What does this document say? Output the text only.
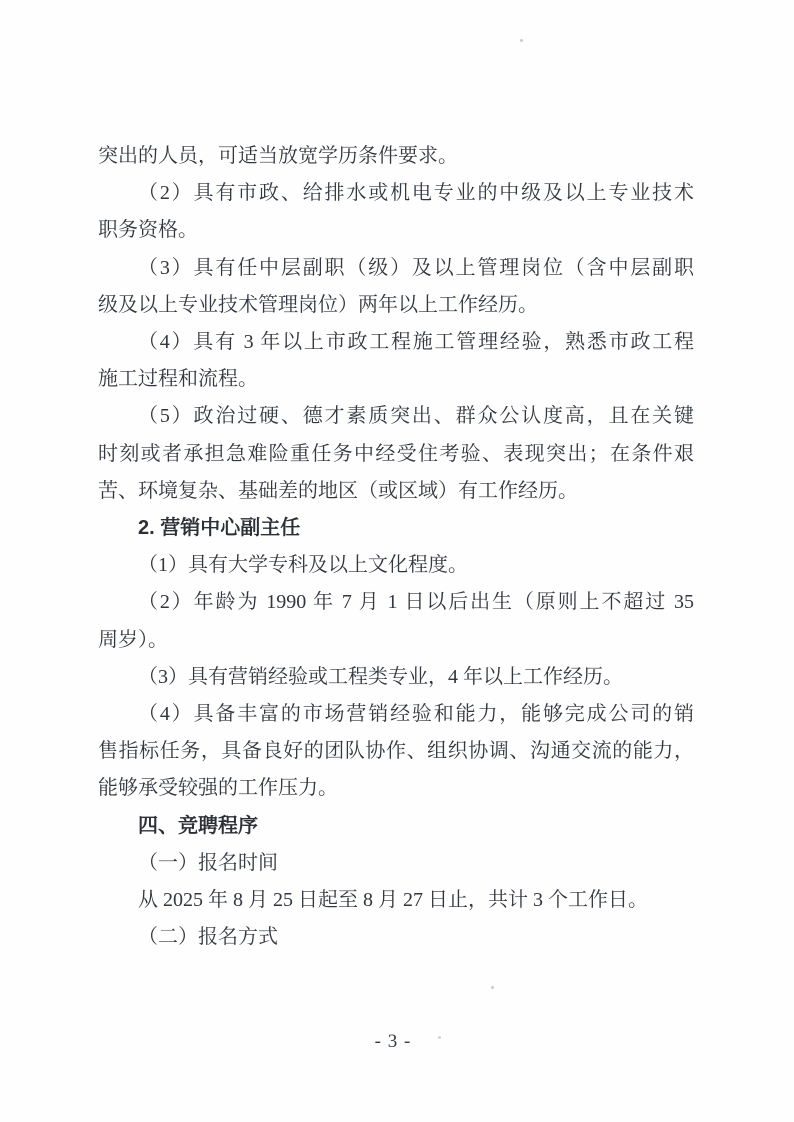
突出的人员，可适当放宽学历条件要求。

（2）具有市政、给排水或机电专业的中级及以上专业技术
职务资格。

（3）具有任中层副职（级）及以上管理岗位（含中层副职
级及以上专业技术管理岗位）两年以上工作经历。

（4）具有 3 年以上市政工程施工管理经验，熟悉市政工程
施工过程和流程。

（5）政治过硬、德才素质突出、群众公认度高，且在关键
时刻或者承担急难险重任务中经受住考验、表现突出；在条件艰
苦、环境复杂、基础差的地区（或区域）有工作经历。

2. 营销中心副主任

（1）具有大学专科及以上文化程度。

（2）年龄为 1990 年 7 月 1 日以后出生（原则上不超过 35
周岁）。

（3）具有营销经验或工程类专业，4 年以上工作经历。

（4）具备丰富的市场营销经验和能力，能够完成公司的销
售指标任务，具备良好的团队协作、组织协调、沟通交流的能力，
能够承受较强的工作压力。

四、竞聘程序

（一）报名时间

从 2025 年 8 月 25 日起至 8 月 27 日止，共计 3 个工作日。

（二）报名方式

- 3 -
